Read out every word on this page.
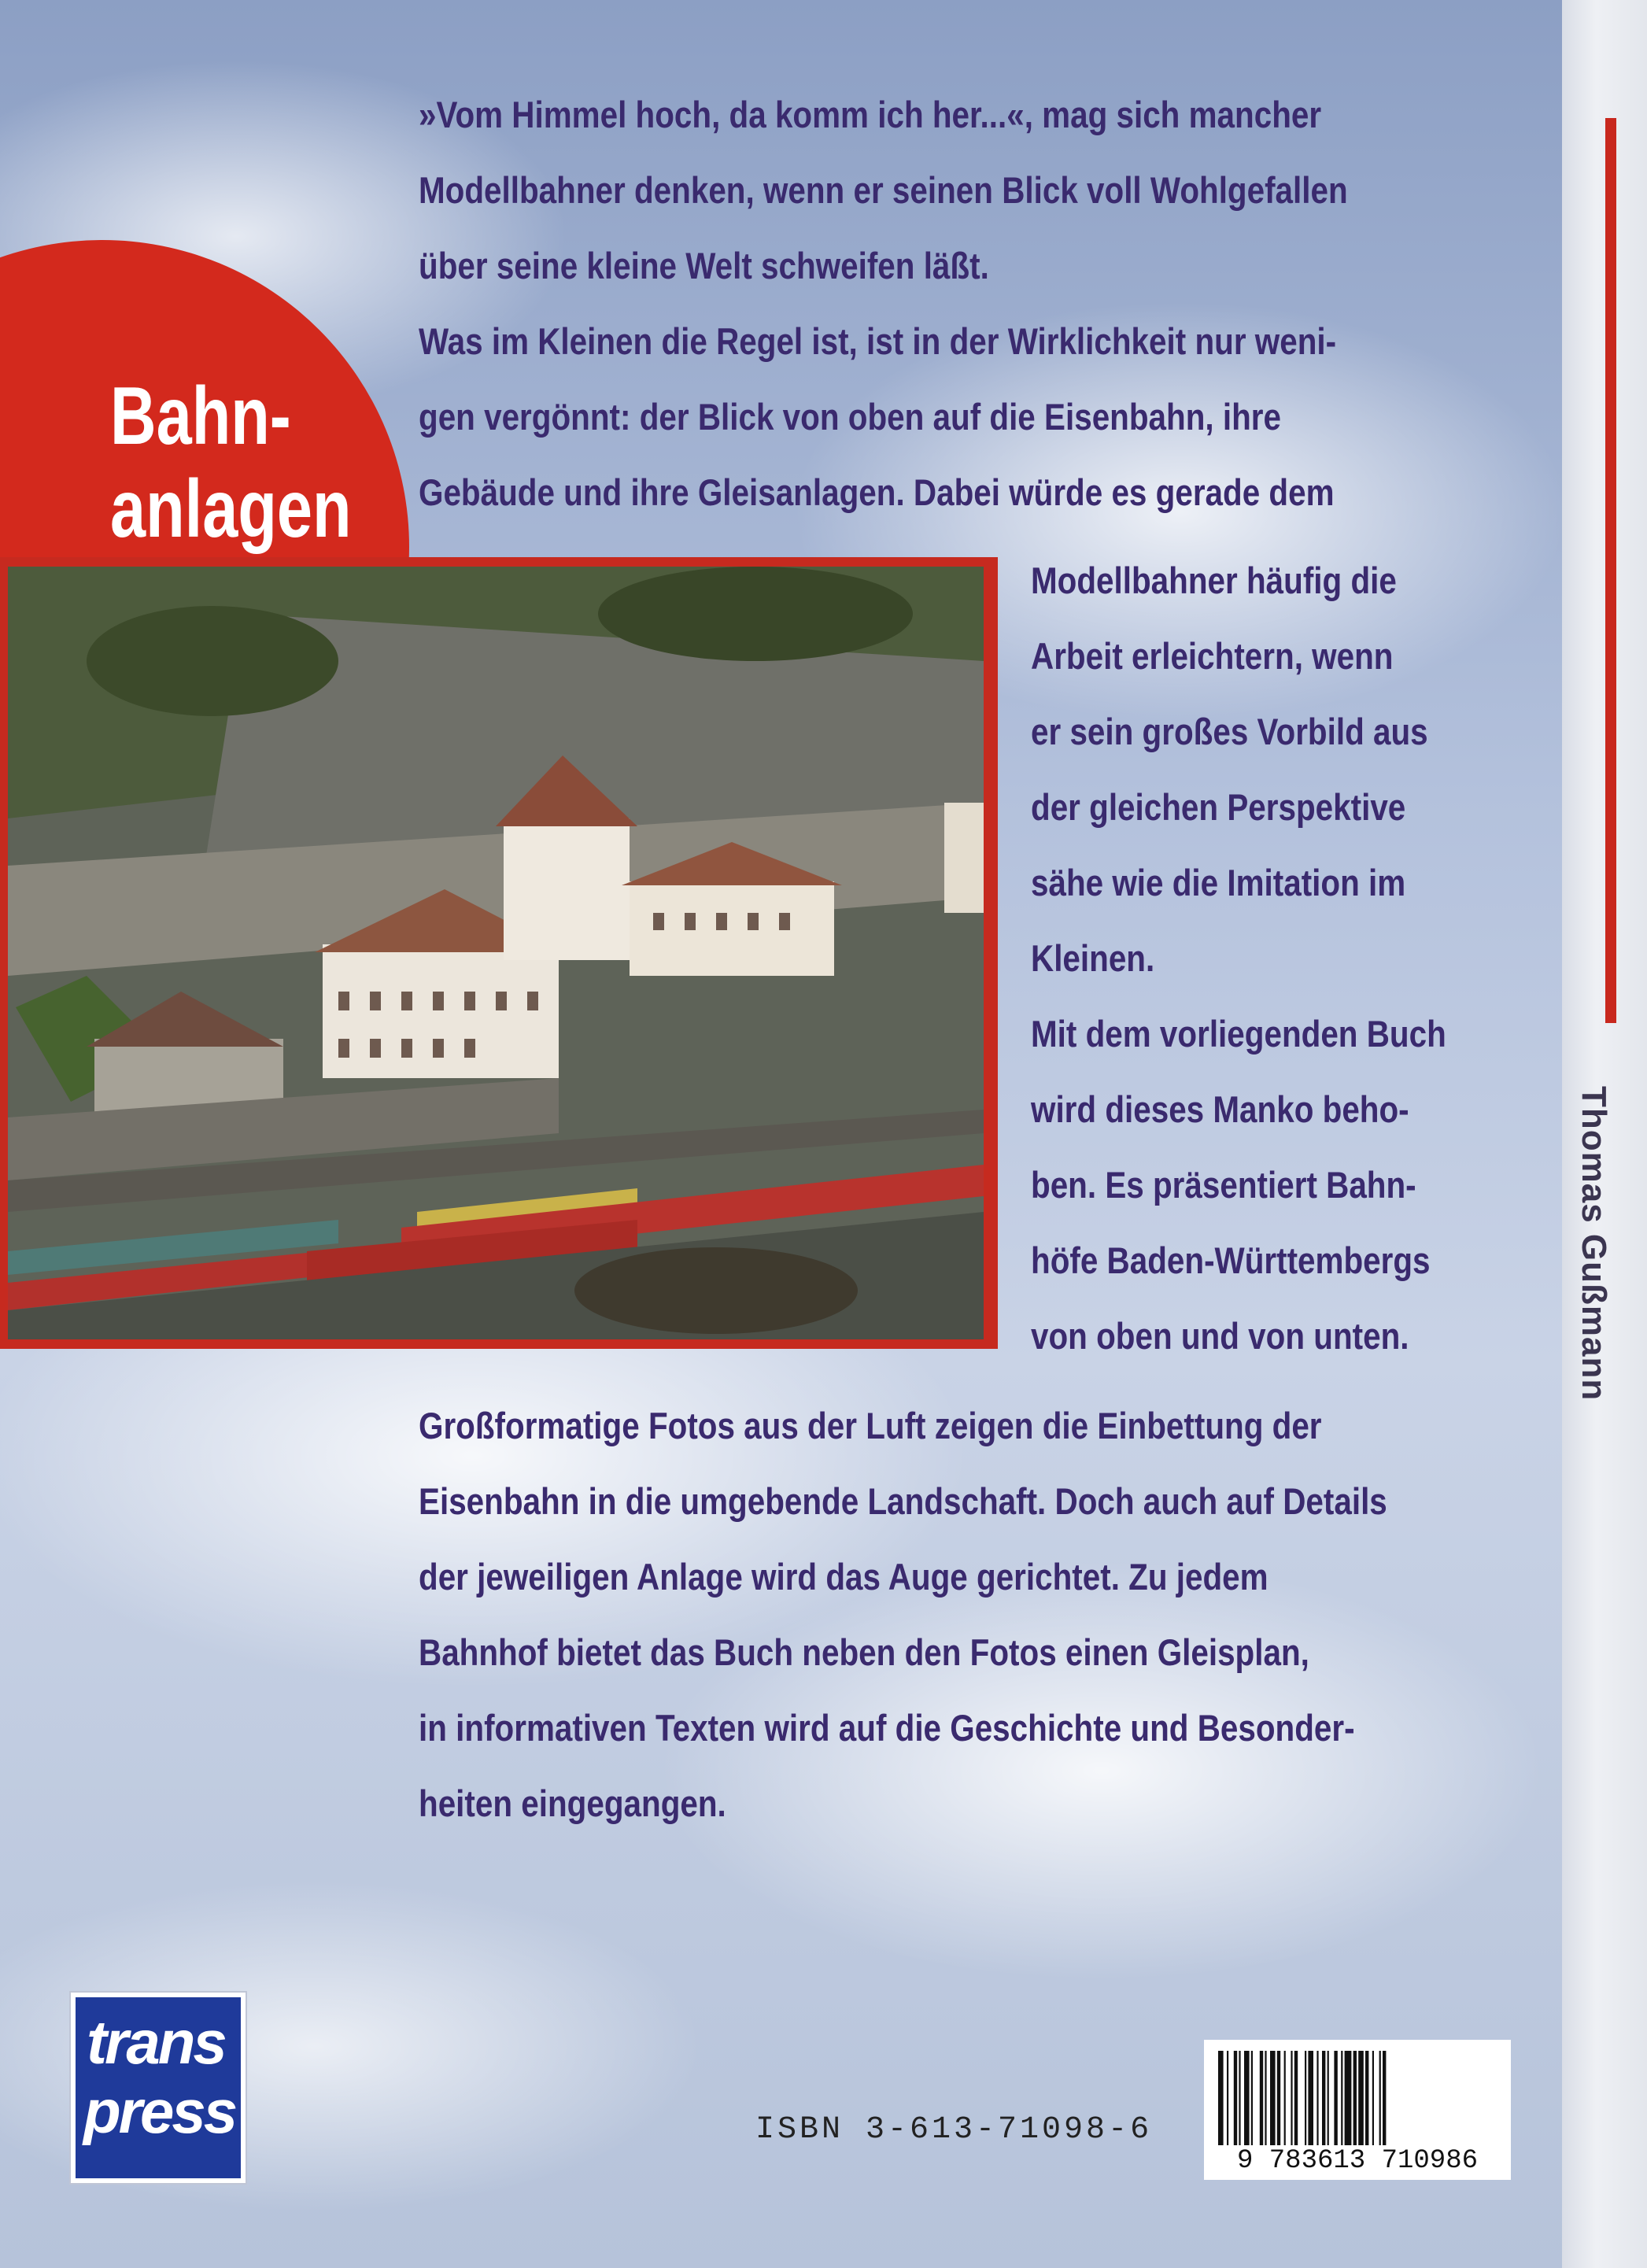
»Vom Himmel hoch, da komm ich her...«, mag sich mancher
Modellbahner denken, wenn er seinen Blick voll Wohlgefallen
über seine kleine Welt schweifen läßt.
Was im Kleinen die Regel ist, ist in der Wirklichkeit nur weni-
gen vergönnt: der Blick von oben auf die Eisenbahn, ihre
Gebäude und ihre Gleisanlagen. Dabei würde es gerade dem
Bahn-
anlagen
Modellbahner häufig die
Arbeit erleichtern, wenn
er sein großes Vorbild aus
der gleichen Perspektive
sähe wie die Imitation im
Kleinen.
Mit dem vorliegenden Buch
wird dieses Manko beho-
ben. Es präsentiert Bahn-
höfe Baden-Württembergs
von oben und von unten.
Großformatige Fotos aus der Luft zeigen die Einbettung der
Eisenbahn in die umgebende Landschaft. Doch auch auf Details
der jeweiligen Anlage wird das Auge gerichtet. Zu jedem
Bahnhof bietet das Buch neben den Fotos einen Gleisplan,
in informativen Texten wird auf die Geschichte und Besonder-
heiten eingegangen.
trans
press	ISBN 3-613-71098-6
9 783613 710986
Thomas Gußmann
